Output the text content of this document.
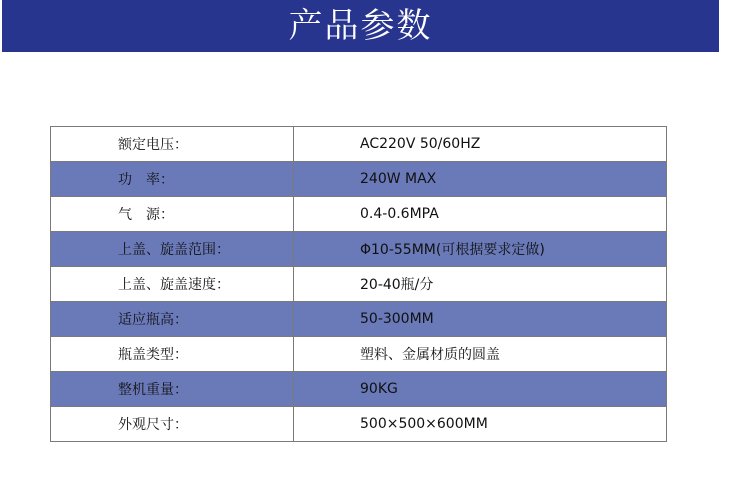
产品参数
额定电压：	AC220V 50/60HZ
功　率：	240W MAX
气　源：	0.4-0.6MPA
上盖、旋盖范围：	Φ10-55MM(可根据要求定做)
上盖、旋盖速度：	20-40瓶/分
适应瓶高：	50-300MM
瓶盖类型：	塑料、金属材质的圆盖
整机重量：	90KG
外观尺寸：	500×500×600MM
